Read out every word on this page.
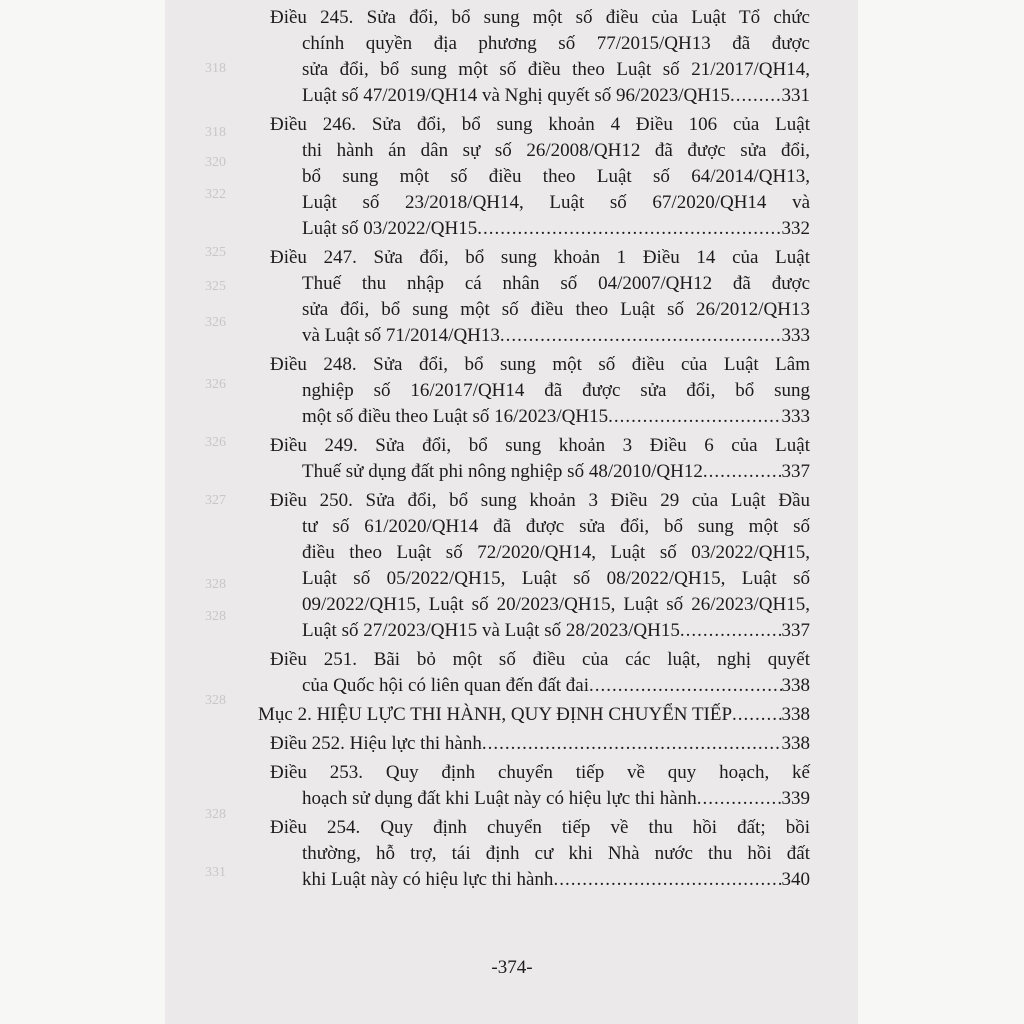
318
318
320
322
325
325
326
326
326
327
328
328
328
328
331
Điều 245. Sửa đổi, bổ sung một số điều của Luật Tổ chức
chính quyền địa phương số 77/2015/QH13 đã được
sửa đổi, bổ sung một số điều theo Luật số 21/2017/QH14,
Luật số 47/2019/QH14 và Nghị quyết số 96/2023/QH15 .....	331
Điều 246. Sửa đổi, bổ sung khoản 4 Điều 106 của Luật
thi hành án dân sự số 26/2008/QH12 đã được sửa đổi,
bổ sung một số điều theo Luật số 64/2014/QH13,
Luật số 23/2018/QH14, Luật số 67/2020/QH14 và
Luật số 03/2022/QH15 .....	332
Điều 247. Sửa đổi, bổ sung khoản 1 Điều 14 của Luật
Thuế thu nhập cá nhân số 04/2007/QH12 đã được
sửa đổi, bổ sung một số điều theo Luật số 26/2012/QH13
và Luật số 71/2014/QH13 .....	333
Điều 248. Sửa đổi, bổ sung một số điều của Luật Lâm
nghiệp số 16/2017/QH14 đã được sửa đổi, bổ sung
một số điều theo Luật số 16/2023/QH15 .....	333
Điều 249. Sửa đổi, bổ sung khoản 3 Điều 6 của Luật
Thuế sử dụng đất phi nông nghiệp số 48/2010/QH12 .....	337
Điều 250. Sửa đổi, bổ sung khoản 3 Điều 29 của Luật Đầu
tư số 61/2020/QH14 đã được sửa đổi, bổ sung một số
điều theo Luật số 72/2020/QH14, Luật số 03/2022/QH15,
Luật số 05/2022/QH15, Luật số 08/2022/QH15, Luật số
09/2022/QH15, Luật số 20/2023/QH15, Luật số 26/2023/QH15,
Luật số 27/2023/QH15 và Luật số 28/2023/QH15 .....	337
Điều 251. Bãi bỏ một số điều của các luật, nghị quyết
của Quốc hội có liên quan đến đất đai .....	338
Mục 2. HIỆU LỰC THI HÀNH, QUY ĐỊNH CHUYỂN TIẾP .....	338
Điều 252. Hiệu lực thi hành .....	338
Điều 253. Quy định chuyển tiếp về quy hoạch, kế
hoạch sử dụng đất khi Luật này có hiệu lực thi hành .....	339
Điều 254. Quy định chuyển tiếp về thu hồi đất; bồi
thường, hỗ trợ, tái định cư khi Nhà nước thu hồi đất
khi Luật này có hiệu lực thi hành .....	340
-374-
